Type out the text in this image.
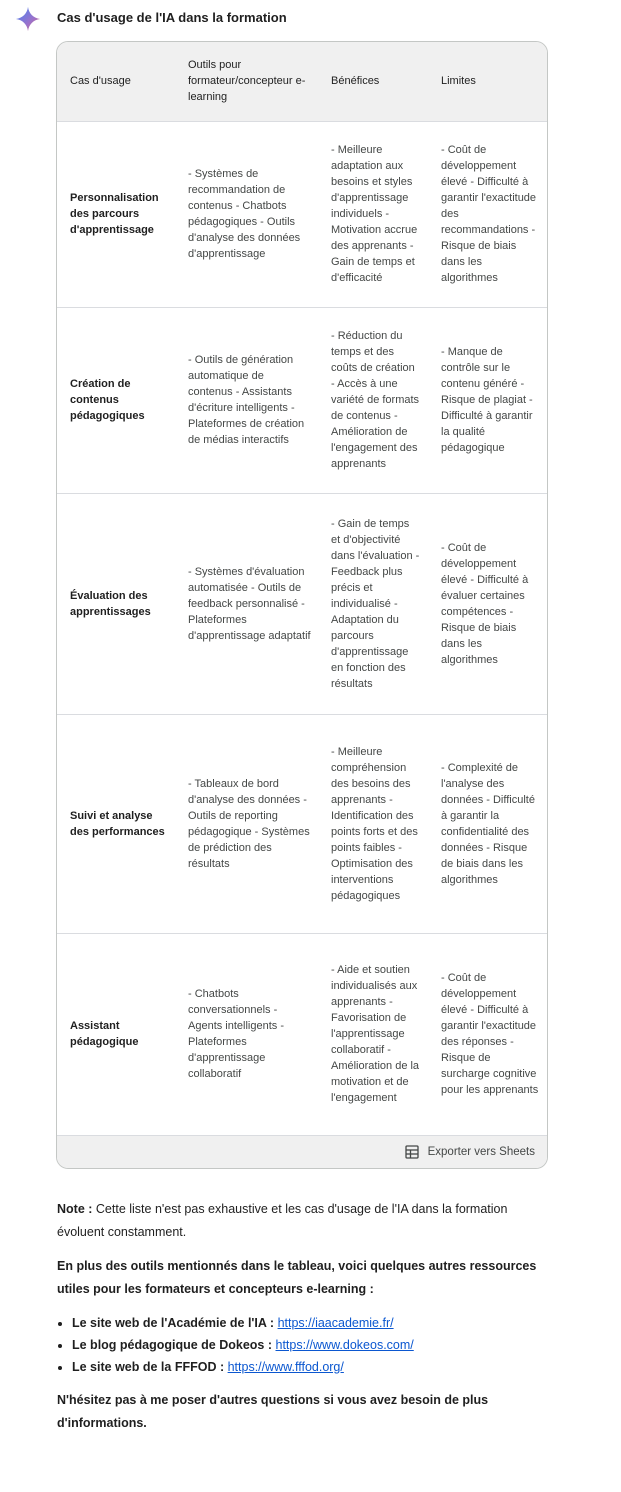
Cas d'usage de l'IA dans la formation
Cas d'usage	Outils pour formateur/concepteur e-learning	Bénéfices	Limites
Personnalisation des parcours d'apprentissage	- Systèmes de recommandation de contenus - Chatbots pédagogiques - Outils d'analyse des données d'apprentissage	- Meilleure adaptation aux besoins et styles d'apprentissage individuels - Motivation accrue des apprenants - Gain de temps et d'efficacité	- Coût de développement élevé - Difficulté à garantir l'exactitude des recommandations - Risque de biais dans les algorithmes
Création de contenus pédagogiques	- Outils de génération automatique de contenus - Assistants d'écriture intelligents - Plateformes de création de médias interactifs	- Réduction du temps et des coûts de création - Accès à une variété de formats de contenus - Amélioration de l'engagement des apprenants	- Manque de contrôle sur le contenu généré - Risque de plagiat - Difficulté à garantir la qualité pédagogique
Évaluation des apprentissages	- Systèmes d'évaluation automatisée - Outils de feedback personnalisé - Plateformes d'apprentissage adaptatif	- Gain de temps et d'objectivité dans l'évaluation - Feedback plus précis et individualisé - Adaptation du parcours d'apprentissage en fonction des résultats	- Coût de développement élevé - Difficulté à évaluer certaines compétences - Risque de biais dans les algorithmes
Suivi et analyse des performances	- Tableaux de bord d'analyse des données - Outils de reporting pédagogique - Systèmes de prédiction des résultats	- Meilleure compréhension des besoins des apprenants - Identification des points forts et des points faibles - Optimisation des interventions pédagogiques	- Complexité de l'analyse des données - Difficulté à garantir la confidentialité des données - Risque de biais dans les algorithmes
Assistant pédagogique	- Chatbots conversationnels - Agents intelligents - Plateformes d'apprentissage collaboratif	- Aide et soutien individualisés aux apprenants - Favorisation de l'apprentissage collaboratif - Amélioration de la motivation et de l'engagement	- Coût de développement élevé - Difficulté à garantir l'exactitude des réponses - Risque de surcharge cognitive pour les apprenants
Exporter vers Sheets

Note : Cette liste n'est pas exhaustive et les cas d'usage de l'IA dans la formation évoluent constamment.

En plus des outils mentionnés dans le tableau, voici quelques autres ressources utiles pour les formateurs et concepteurs e-learning :

• Le site web de l'Académie de l'IA : https://iaacademie.fr/
• Le blog pédagogique de Dokeos : https://www.dokeos.com/
• Le site web de la FFFOD : https://www.fffod.org/

N'hésitez pas à me poser d'autres questions si vous avez besoin de plus d'informations.
